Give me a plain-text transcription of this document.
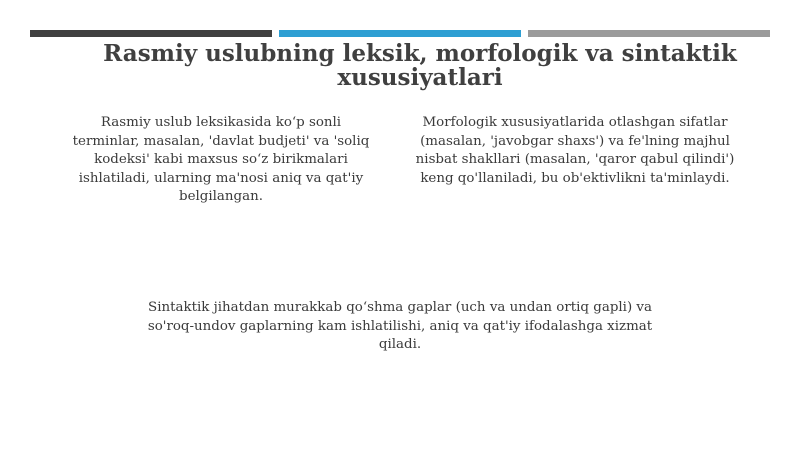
Rasmiy uslubning leksik, morfologik va sintaktik xususiyatlari

Rasmiy uslub leksikasida ko‘p sonli terminlar, masalan, 'davlat budjeti' va 'soliq kodeksi' kabi maxsus so‘z birikmalari ishlatiladi, ularning ma'nosi aniq va qat'iy belgilangan.

Morfologik xususiyatlarida otlashgan sifatlar (masalan, 'javobgar shaxs') va fe'lning majhul nisbat shakllari (masalan, 'qaror qabul qilindi') keng qo'llaniladi, bu ob'ektivlikni ta'minlaydi.

Sintaktik jihatdan murakkab qo‘shma gaplar (uch va undan ortiq gapli) va so'roq-undov gaplarning kam ishlatilishi, aniq va qat'iy ifodalashga xizmat qiladi.
